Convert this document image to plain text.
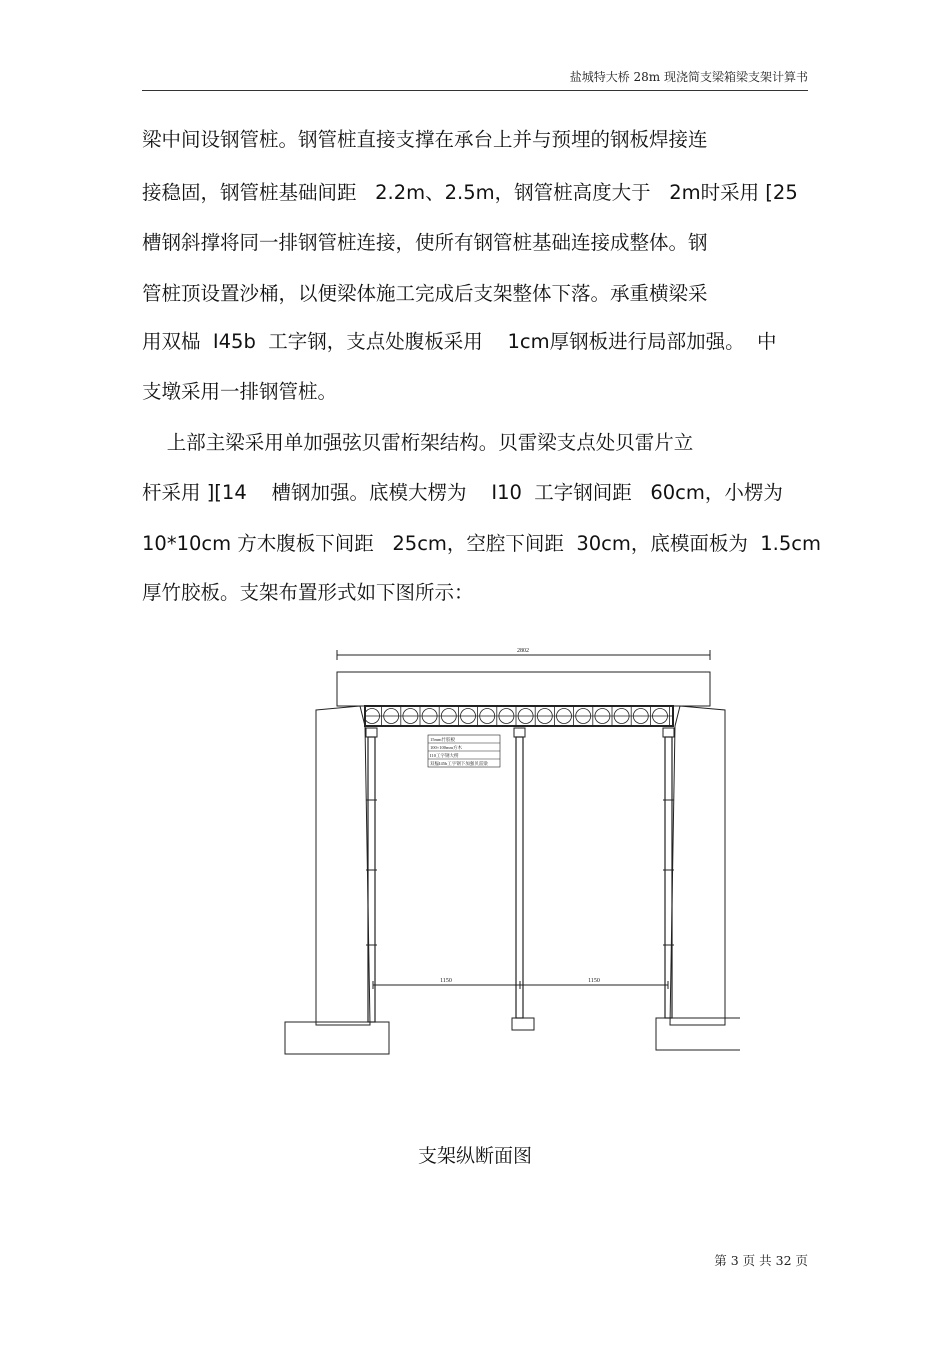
盐城特大桥 28m 现浇简支梁箱梁支架计算书
梁中间设钢管桩。钢管桩直接支撑在承台上并与预埋的钢板焊接连
接稳固，钢管桩基础间距   2.2m、2.5m，钢管桩高度大于   2m时采用 [25
槽钢斜撑将同一排钢管桩连接，使所有钢管桩基础连接成整体。钢
管桩顶设置沙桶，以便梁体施工完成后支架整体下落。承重横梁采
用双榀  I45b  工字钢，支点处腹板采用    1cm厚钢板进行局部加强。  中
支墩采用一排钢管桩。
上部主梁采用单加强弦贝雷桁架结构。贝雷梁支点处贝雷片立
杆采用 ][14    槽钢加强。底模大楞为    I10  工字钢间距   60cm，小楞为
10*10cm 方木腹板下间距   25cm，空腔下间距  30cm，底模面板为  1.5cm
厚竹胶板。支架布置形式如下图所示：
2802
1150	1150
15mm竹胶板
100×100mm方木
I10工字钢大楞
双榀I45b工字钢下加强贝雷梁
支架纵断面图
第 3 页 共 32 页
